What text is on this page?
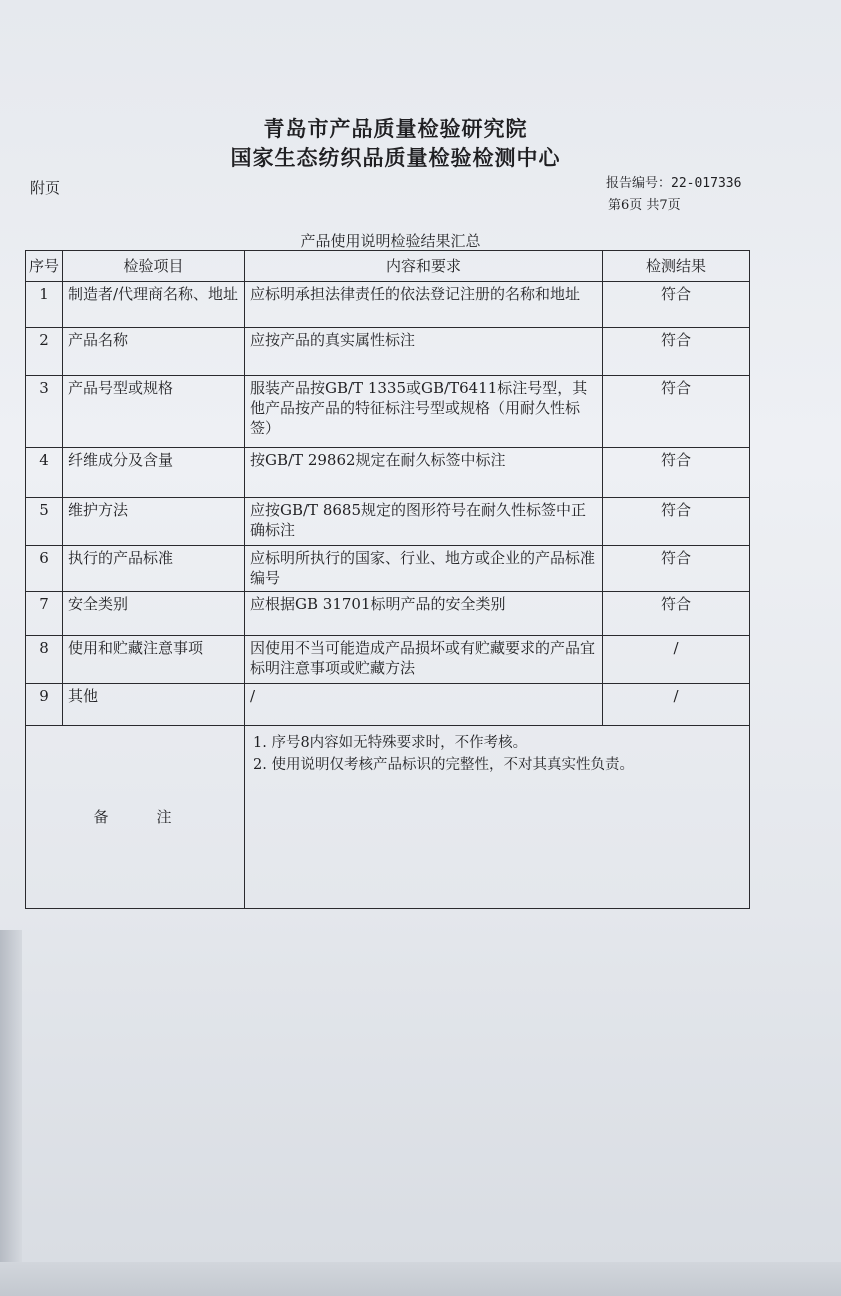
青岛市产品质量检验研究院
国家生态纺织品质量检验检测中心
附页	报告编号：22-017336
第6页 共7页
产品使用说明检验结果汇总
序号	检验项目	内容和要求	检测结果
1	制造者/代理商名称、地址	应标明承担法律责任的依法登记注册的名称和地址	符合
2	产品名称	应按产品的真实属性标注	符合
3	产品号型或规格	服装产品按GB/T 1335或GB/T6411标注号型，其他产品按产品的特征标注号型或规格（用耐久性标签）	符合
4	纤维成分及含量	按GB/T 29862规定在耐久标签中标注	符合
5	维护方法	应按GB/T 8685规定的图形符号在耐久性标签中正确标注	符合
6	执行的产品标准	应标明所执行的国家、行业、地方或企业的产品标准编号	符合
7	安全类别	应根据GB 31701标明产品的安全类别	符合
8	使用和贮藏注意事项	因使用不当可能造成产品损坏或有贮藏要求的产品宜标明注意事项或贮藏方法	/
9	其他	/	/
备注		1. 序号8内容如无特殊要求时，不作考核。
2. 使用说明仅考核产品标识的完整性，不对其真实性负责。	
